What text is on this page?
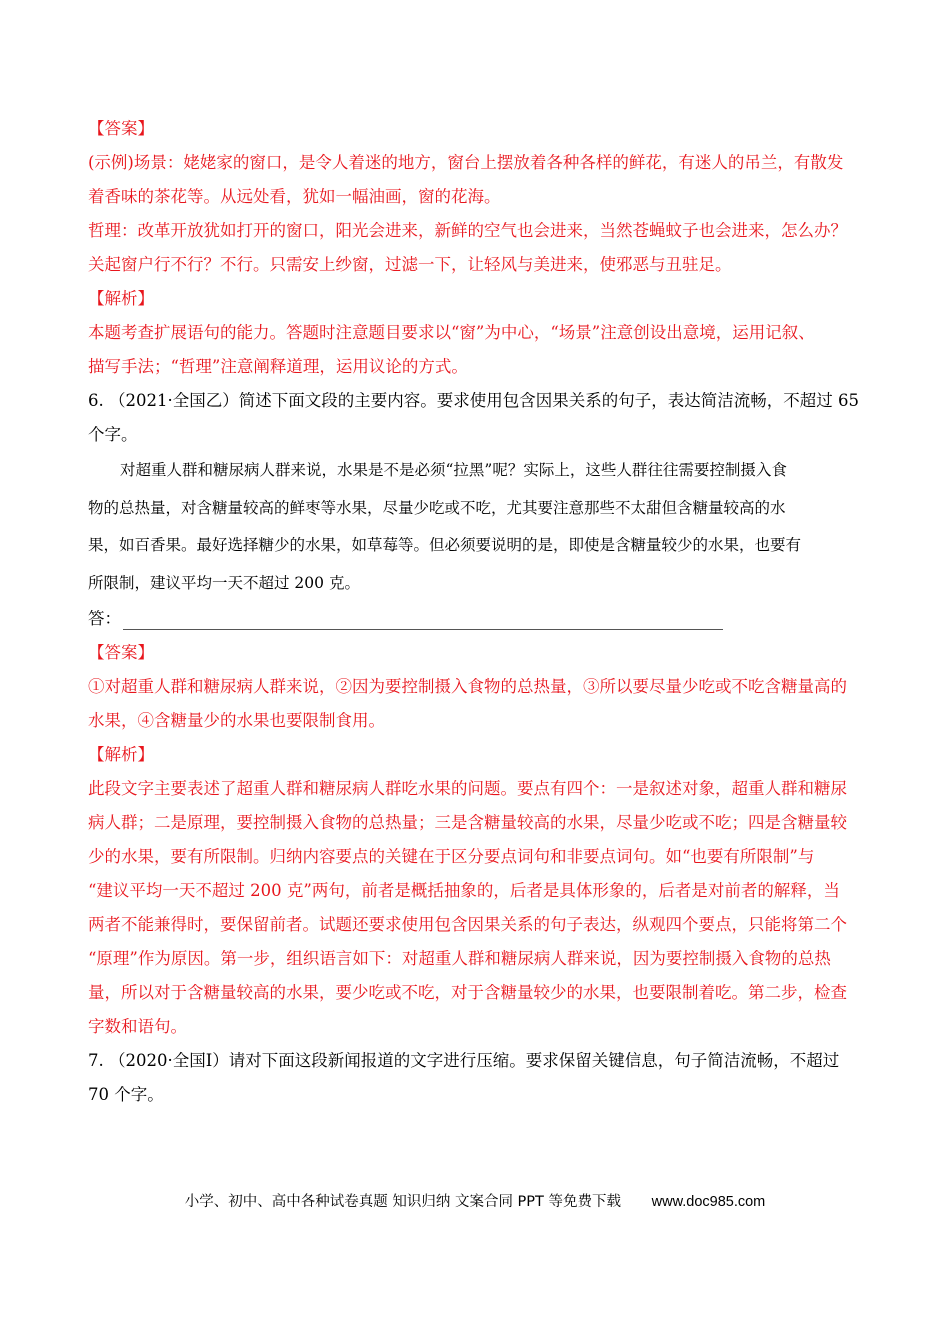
【答案】
(示例)场景：姥姥家的窗口，是令人着迷的地方，窗台上摆放着各种各样的鲜花，有迷人的吊兰，有散发
着香味的茶花等。从远处看，犹如一幅油画，窗的花海。
哲理：改革开放犹如打开的窗口，阳光会进来，新鲜的空气也会进来，当然苍蝇蚊子也会进来，怎么办？
关起窗户行不行？不行。只需安上纱窗，过滤一下，让轻风与美进来，使邪恶与丑驻足。
【解析】
本题考查扩展语句的能力。答题时注意题目要求以“窗”为中心，“场景”注意创设出意境，运用记叙、
描写手法；“哲理”注意阐释道理，运用议论的方式。
6. （2021·全国乙）简述下面文段的主要内容。要求使用包含因果关系的句子，表达简洁流畅，不超过 65
个字。
对超重人群和糖尿病人群来说，水果是不是必须“拉黑”呢？实际上，这些人群往往需要控制摄入食
物的总热量，对含糖量较高的鲜枣等水果，尽量少吃或不吃，尤其要注意那些不太甜但含糖量较高的水
果，如百香果。最好选择糖少的水果，如草莓等。但必须要说明的是，即使是含糖量较少的水果，也要有
所限制，建议平均一天不超过 200 克。
答：
【答案】
①对超重人群和糖尿病人群来说，②因为要控制摄入食物的总热量，③所以要尽量少吃或不吃含糖量高的
水果，④含糖量少的水果也要限制食用。
【解析】
此段文字主要表述了超重人群和糖尿病人群吃水果的问题。要点有四个：一是叙述对象，超重人群和糖尿
病人群；二是原理，要控制摄入食物的总热量；三是含糖量较高的水果，尽量少吃或不吃；四是含糖量较
少的水果，要有所限制。归纳内容要点的关键在于区分要点词句和非要点词句。如“也要有所限制”与
“建议平均一天不超过 200 克”两句，前者是概括抽象的，后者是具体形象的，后者是对前者的解释，当
两者不能兼得时，要保留前者。试题还要求使用包含因果关系的句子表达，纵观四个要点，只能将第二个
“原理”作为原因。第一步，组织语言如下：对超重人群和糖尿病人群来说，因为要控制摄入食物的总热
量，所以对于含糖量较高的水果，要少吃或不吃，对于含糖量较少的水果，也要限制着吃。第二步，检查
字数和语句。
7. （2020·全国Ⅰ）请对下面这段新闻报道的文字进行压缩。要求保留关键信息，句子简洁流畅，不超过
70 个字。
小学、初中、高中各种试卷真题 知识归纳 文案合同 PPT 等免费下载 www.doc985.com
